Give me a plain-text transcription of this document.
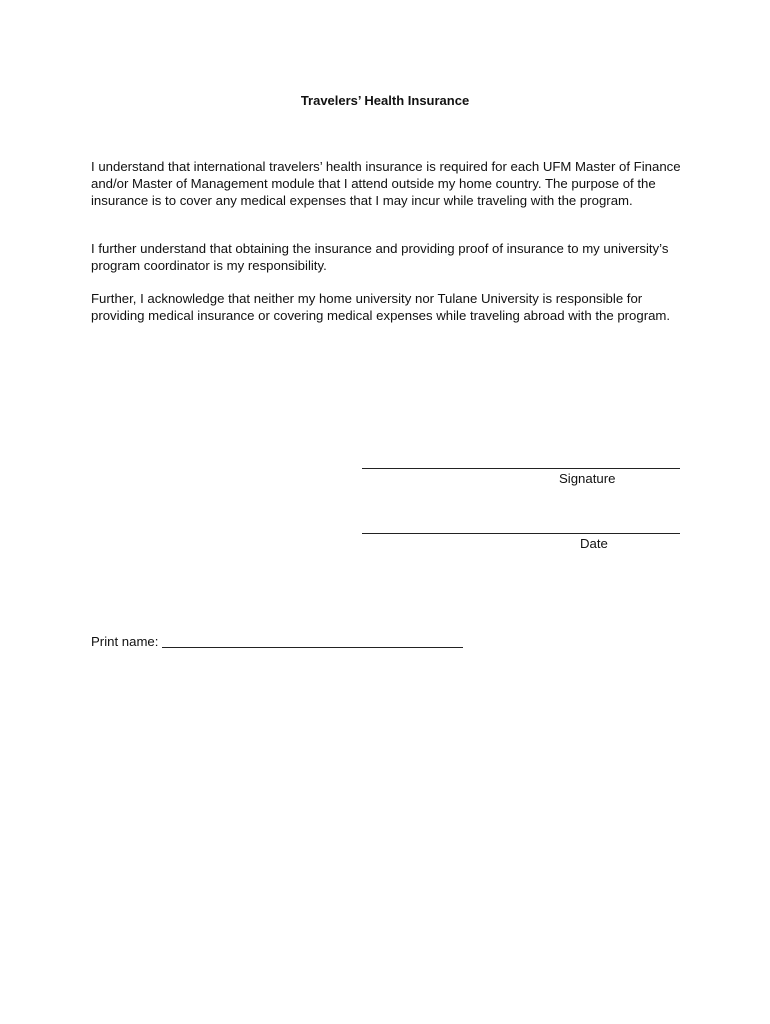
Travelers’ Health Insurance

I understand that international travelers’ health insurance is required for each UFM Master of Finance and/or Master of Management module that I attend outside my home country. The purpose of the insurance is to cover any medical expenses that I may incur while traveling with the program.

I further understand that obtaining the insurance and providing proof of insurance to my university’s program coordinator is my responsibility.

Further, I acknowledge that neither my home university nor Tulane University is responsible for providing medical insurance or covering medical expenses while traveling abroad with the program.

Signature
Date
Print name:
